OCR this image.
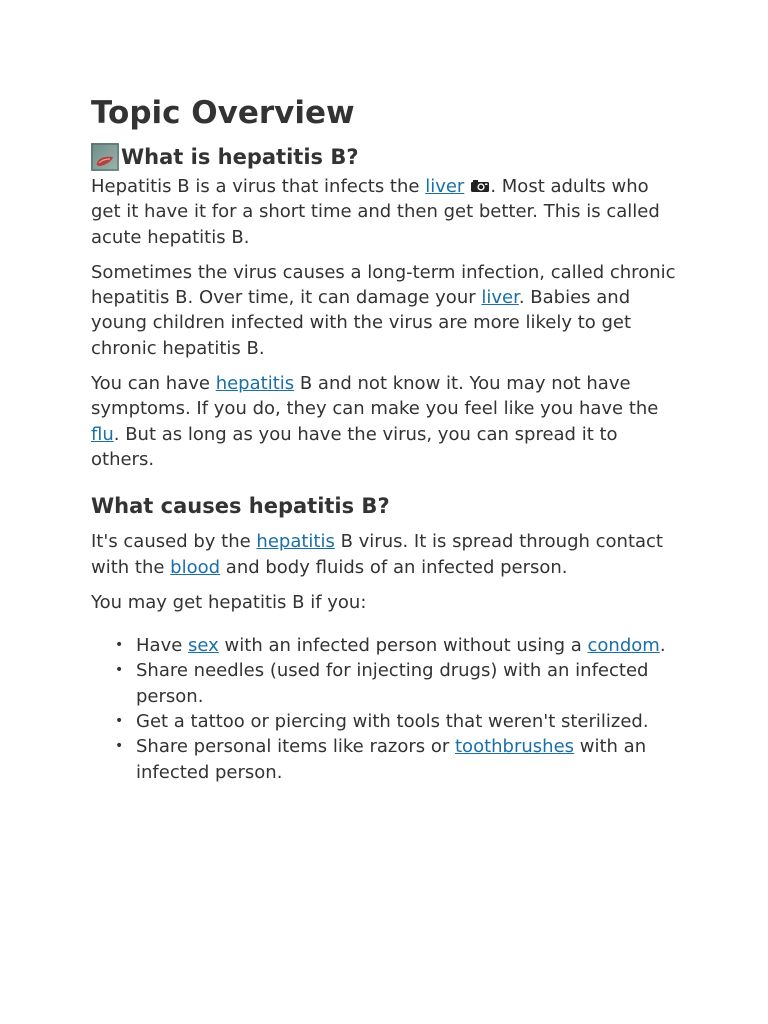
Topic Overview
What is hepatitis B?

Hepatitis B is a virus that infects the liver . Most adults who get it have it for a short time and then get better. This is called acute hepatitis B.

Sometimes the virus causes a long-term infection, called chronic hepatitis B. Over time, it can damage your liver. Babies and young children infected with the virus are more likely to get chronic hepatitis B.

You can have hepatitis B and not know it. You may not have symptoms. If you do, they can make you feel like you have the flu. But as long as you have the virus, you can spread it to others.

What causes hepatitis B?

It's caused by the hepatitis B virus. It is spread through contact with the blood and body fluids of an infected person.

You may get hepatitis B if you:

• Have sex with an infected person without using a condom.
• Share needles (used for injecting drugs) with an infected person.
• Get a tattoo or piercing with tools that weren't sterilized.
• Share personal items like razors or toothbrushes with an infected person.
